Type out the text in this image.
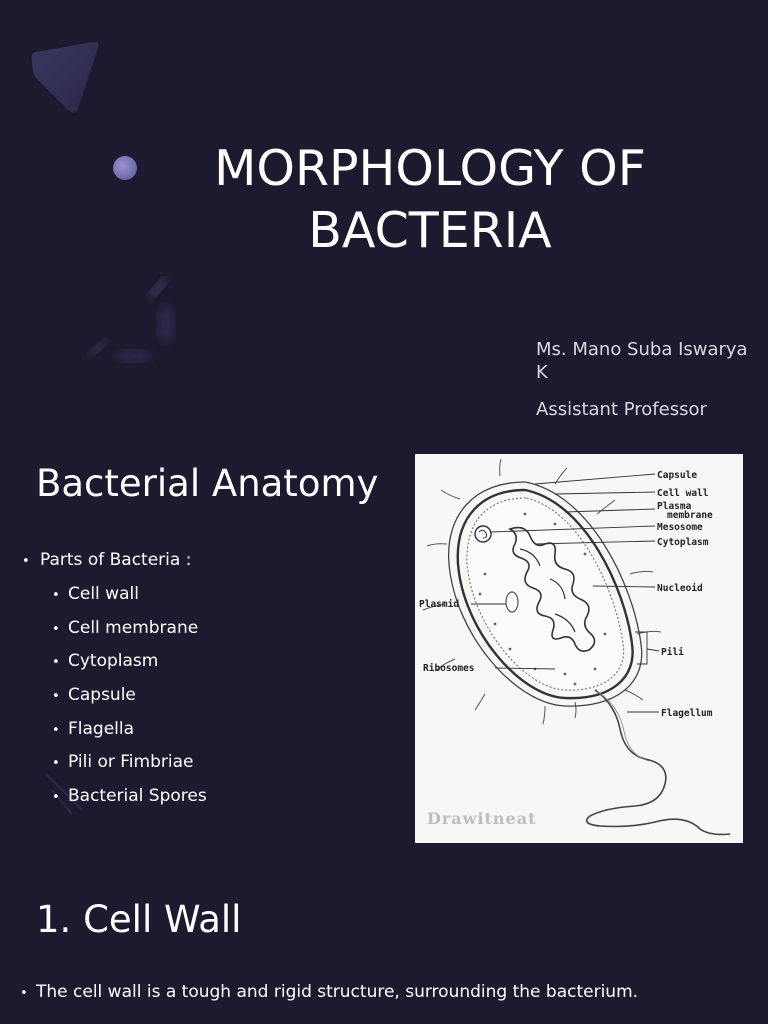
MORPHOLOGY OF
BACTERIA
Ms. Mano Suba Iswarya K
Assistant Professor
Bacterial Anatomy
• Parts of Bacteria :
• Cell wall
• Cell membrane
• Cytoplasm
• Capsule
• Flagella
• Pili or Fimbriae
• Bacterial Spores
Capsule
Cell wall
Plasma
membrane
Mesosome
Cytoplasm
Nucleoid
Plasmid
Pili
Ribosomes
Flagellum
Drawitneat
1. Cell Wall
• The cell wall is a tough and rigid structure, surrounding the bacterium.
